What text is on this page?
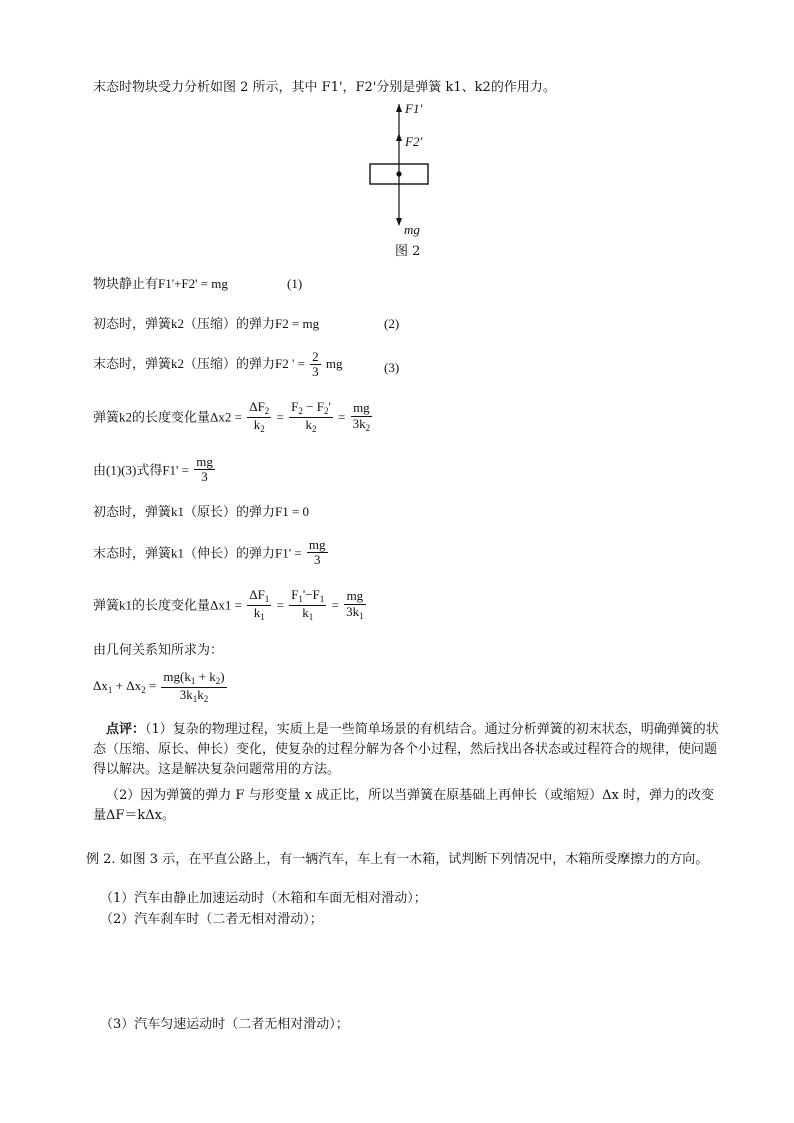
末态时物块受力分析如图 2 所示，其中 F1'，F2'分别是弹簧 k1、k2的作用力。
F1'
F2'
mg
图 2
物块静止有F1'+F2' = mg	(1)
初态时，弹簧k2（压缩）的弹力F2 = mg	(2)
末态时，弹簧k2（压缩）的弹力F2 ' = $\frac{2}{3}$ mg	(3)
弹簧k2的长度变化量$\Delta x2 = \frac{\Delta F_2}{k_2} = \frac{F_2 - F_2'}{k_2} = \frac{mg}{3k_2}$
由(1)(3)式得$F1' = \frac{mg}{3}$
初态时，弹簧k1（原长）的弹力F1 = 0
末态时，弹簧k1（伸长）的弹力$F1' = \frac{mg}{3}$
弹簧k1的长度变化量$\Delta x1 = \frac{\Delta F_1}{k_1} = \frac{F_1'-F_1}{k_1} = \frac{mg}{3k_1}$
由几何关系知所求为：
$\Delta x_1 + \Delta x_2 = \frac{mg(k_1 + k_2)}{3k_1k_2}$
点评：（1）复杂的物理过程，实质上是一些简单场景的有机结合。通过分析弹簧的初末状态，明确弹簧的状态（压缩、原长、伸长）变化，使复杂的过程分解为各个小过程，然后找出各状态或过程符合的规律，使问题得以解决。这是解决复杂问题常用的方法。
（2）因为弹簧的弹力 F 与形变量 x 成正比，所以当弹簧在原基础上再伸长（或缩短）Δx 时，弹力的改变量ΔF＝kΔx。
例 2. 如图 3 示，在平直公路上，有一辆汽车，车上有一木箱，试判断下列情况中，木箱所受摩擦力的方向。
（1）汽车由静止加速运动时（木箱和车面无相对滑动）；
（2）汽车刹车时（二者无相对滑动）；
（3）汽车匀速运动时（二者无相对滑动）；
